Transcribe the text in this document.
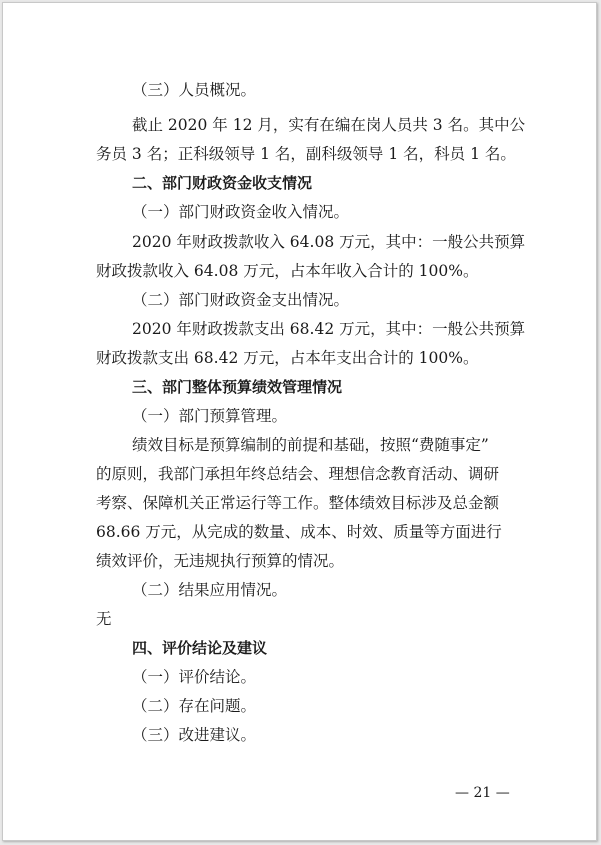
（三）人员概况。
截止 2020 年 12 月，实有在编在岗人员共 3 名。其中公
务员 3 名；正科级领导 1 名，副科级领导 1 名，科员 1 名。
二、部门财政资金收支情况
（一）部门财政资金收入情况。
2020 年财政拨款收入 64.08 万元，其中：一般公共预算
财政拨款收入 64.08 万元，占本年收入合计的 100%。
（二）部门财政资金支出情况。
2020 年财政拨款支出 68.42 万元，其中：一般公共预算
财政拨款支出 68.42 万元，占本年支出合计的 100%。
三、部门整体预算绩效管理情况
（一）部门预算管理。
绩效目标是预算编制的前提和基础，按照“费随事定”
的原则，我部门承担年终总结会、理想信念教育活动、调研
考察、保障机关正常运行等工作。整体绩效目标涉及总金额
68.66 万元，从完成的数量、成本、时效、质量等方面进行
绩效评价，无违规执行预算的情况。
（二）结果应用情况。
无
四、评价结论及建议
（一）评价结论。
（二）存在问题。
（三）改进建议。
— 21 —
